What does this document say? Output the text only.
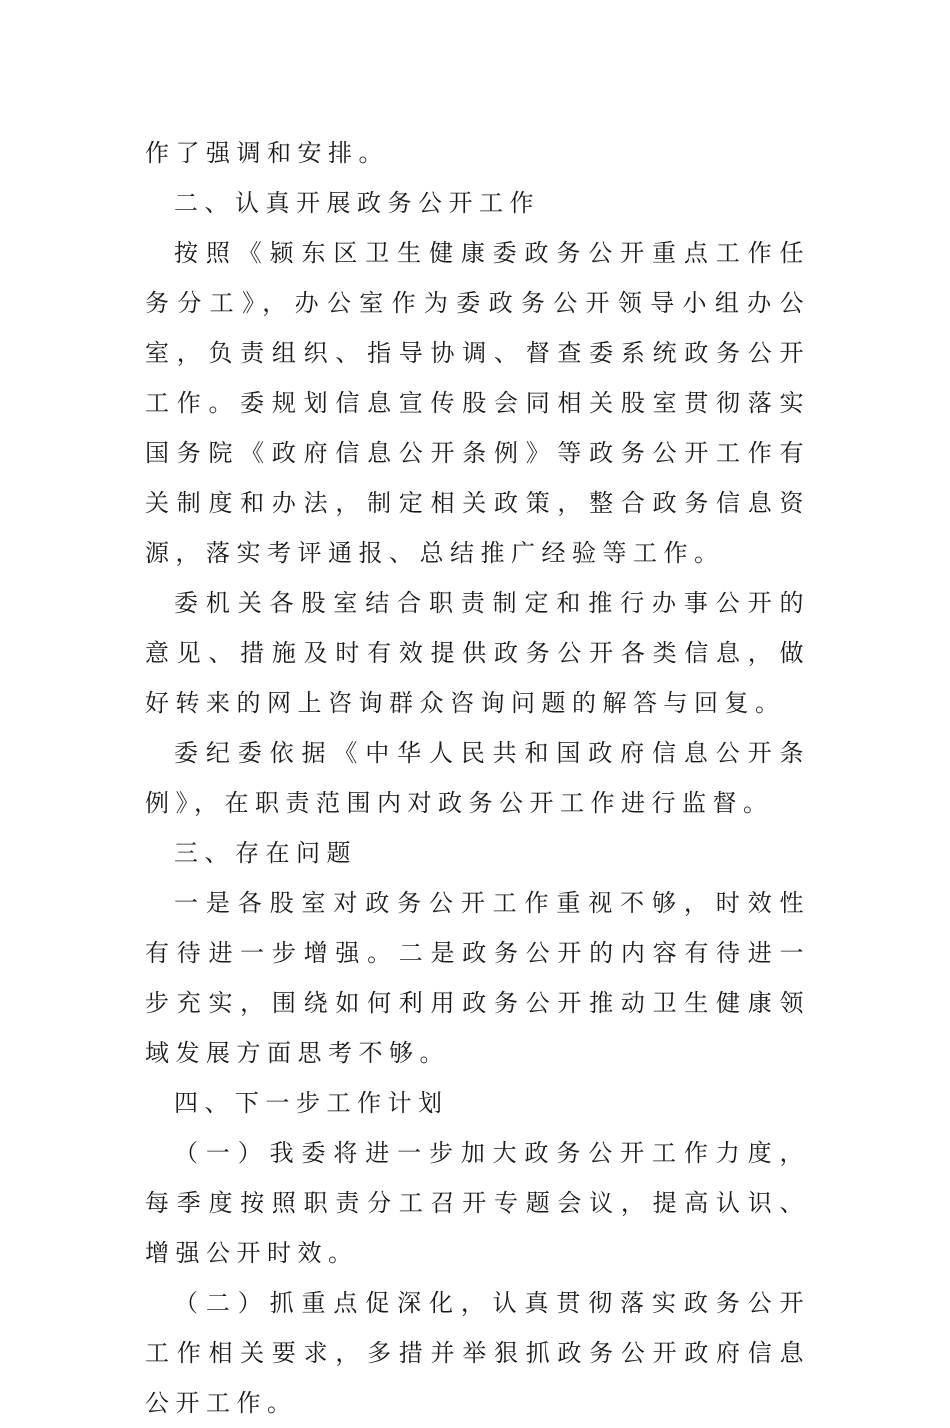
作了强调和安排。

二、认真开展政务公开工作

按照《颍东区卫生健康委政务公开重点工作任务分工》，办公室作为委政务公开领导小组办公室，负责组织、指导协调、督查委系统政务公开工作。委规划信息宣传股会同相关股室贯彻落实国务院《政府信息公开条例》等政务公开工作有关制度和办法，制定相关政策，整合政务信息资源，落实考评通报、总结推广经验等工作。

委机关各股室结合职责制定和推行办事公开的意见、措施及时有效提供政务公开各类信息，做好转来的网上咨询群众咨询问题的解答与回复。

委纪委依据《中华人民共和国政府信息公开条例》，在职责范围内对政务公开工作进行监督。

三、存在问题

一是各股室对政务公开工作重视不够，时效性有待进一步增强。二是政务公开的内容有待进一步充实，围绕如何利用政务公开推动卫生健康领域发展方面思考不够。

四、下一步工作计划

（一）我委将进一步加大政务公开工作力度，每季度按照职责分工召开专题会议，提高认识、增强公开时效。

（二）抓重点促深化，认真贯彻落实政务公开工作相关要求，多措并举狠抓政务公开政府信息公开工作。
